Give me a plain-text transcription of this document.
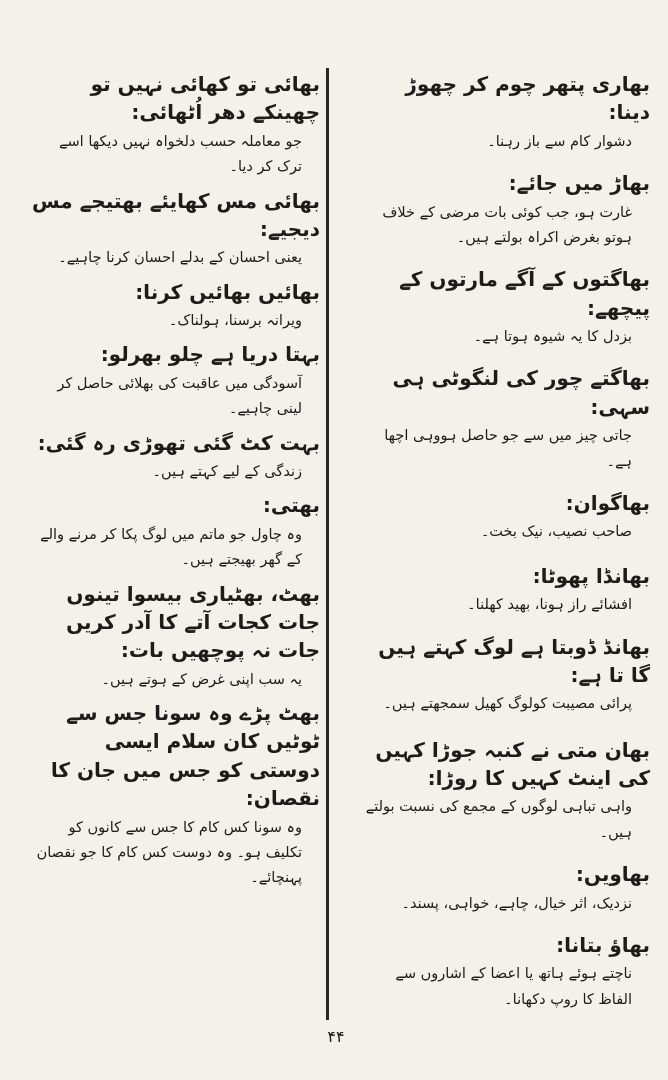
بھاری پتھر چوم کر چھوڑ دینا:
دشوار کام سے باز رہنا۔
بھاڑ میں جائے:
غارت ہو، جب کوئی بات مرضی کے خلاف ہوتو بغرض اکراہ بولتے ہیں۔
بھاگتوں کے آگے مارتوں کے پیچھے:
بزدل کا یہ شیوہ ہوتا ہے۔
بھاگتے چور کی لنگوٹی ہی سہی:
جاتی چیز میں سے جو حاصل ہووہی اچھا ہے۔
بھاگوان:
صاحب نصیب، نیک بخت۔
بھانڈا پھوٹا:
افشائے راز ہونا، بھید کھلنا۔
بھانڈ ڈوبتا ہے لوگ کہتے ہیں گا تا ہے:
پرائی مصیبت کولوگ کھیل سمجھتے ہیں۔
بھان متی نے کنبہ جوڑا کہیں کی اینٹ کہیں کا روڑا:
واہی تباہی لوگوں کے مجمع کی نسبت بولتے ہیں۔
بھاویں:
نزدیک، اثر خیال، چاہے، خواہی، پسند۔
بھاؤ بتانا:
ناچتے ہوئے ہاتھ یا اعضا کے اشاروں سے الفاظ کا روپ دکھانا۔
بھائی تو کھائی نہیں تو چھینکے دھر اُٹھائی:
جو معاملہ حسب دلخواہ نہیں دیکھا اسے ترک کر دیا۔
بھائی مس کھایئے بھتیجے مس دیجیے:
یعنی احسان کے بدلے احسان کرنا چاہیے۔
بھائیں بھائیں کرنا:
ویرانہ برسنا، ہولناک۔
بہتا دریا ہے چلو بھرلو:
آسودگی میں عاقبت کی بھلائی حاصل کر لینی چاہیے۔
بہت کٹ گئی تھوڑی رہ گئی:
زندگی کے لیے کہتے ہیں۔
بھتی:
وہ چاول جو ماتم میں لوگ پکا کر مرنے والے کے گھر بھیجتے ہیں۔
بھٹ، بھٹیاری بیسوا تینوں جات کجات آتے کا آدر کریں جات نہ پوچھیں بات:
یہ سب اپنی غرض کے ہوتے ہیں۔
بھٹ پڑے وہ سونا جس سے ٹوٹیں کان سلام ایسی دوستی کو جس میں جان کا نقصان:
وہ سونا کس کام کا جس سے کانوں کو تکلیف ہو۔ وہ دوست کس کام کا جو نقصان پہنچائے۔
۴۴
